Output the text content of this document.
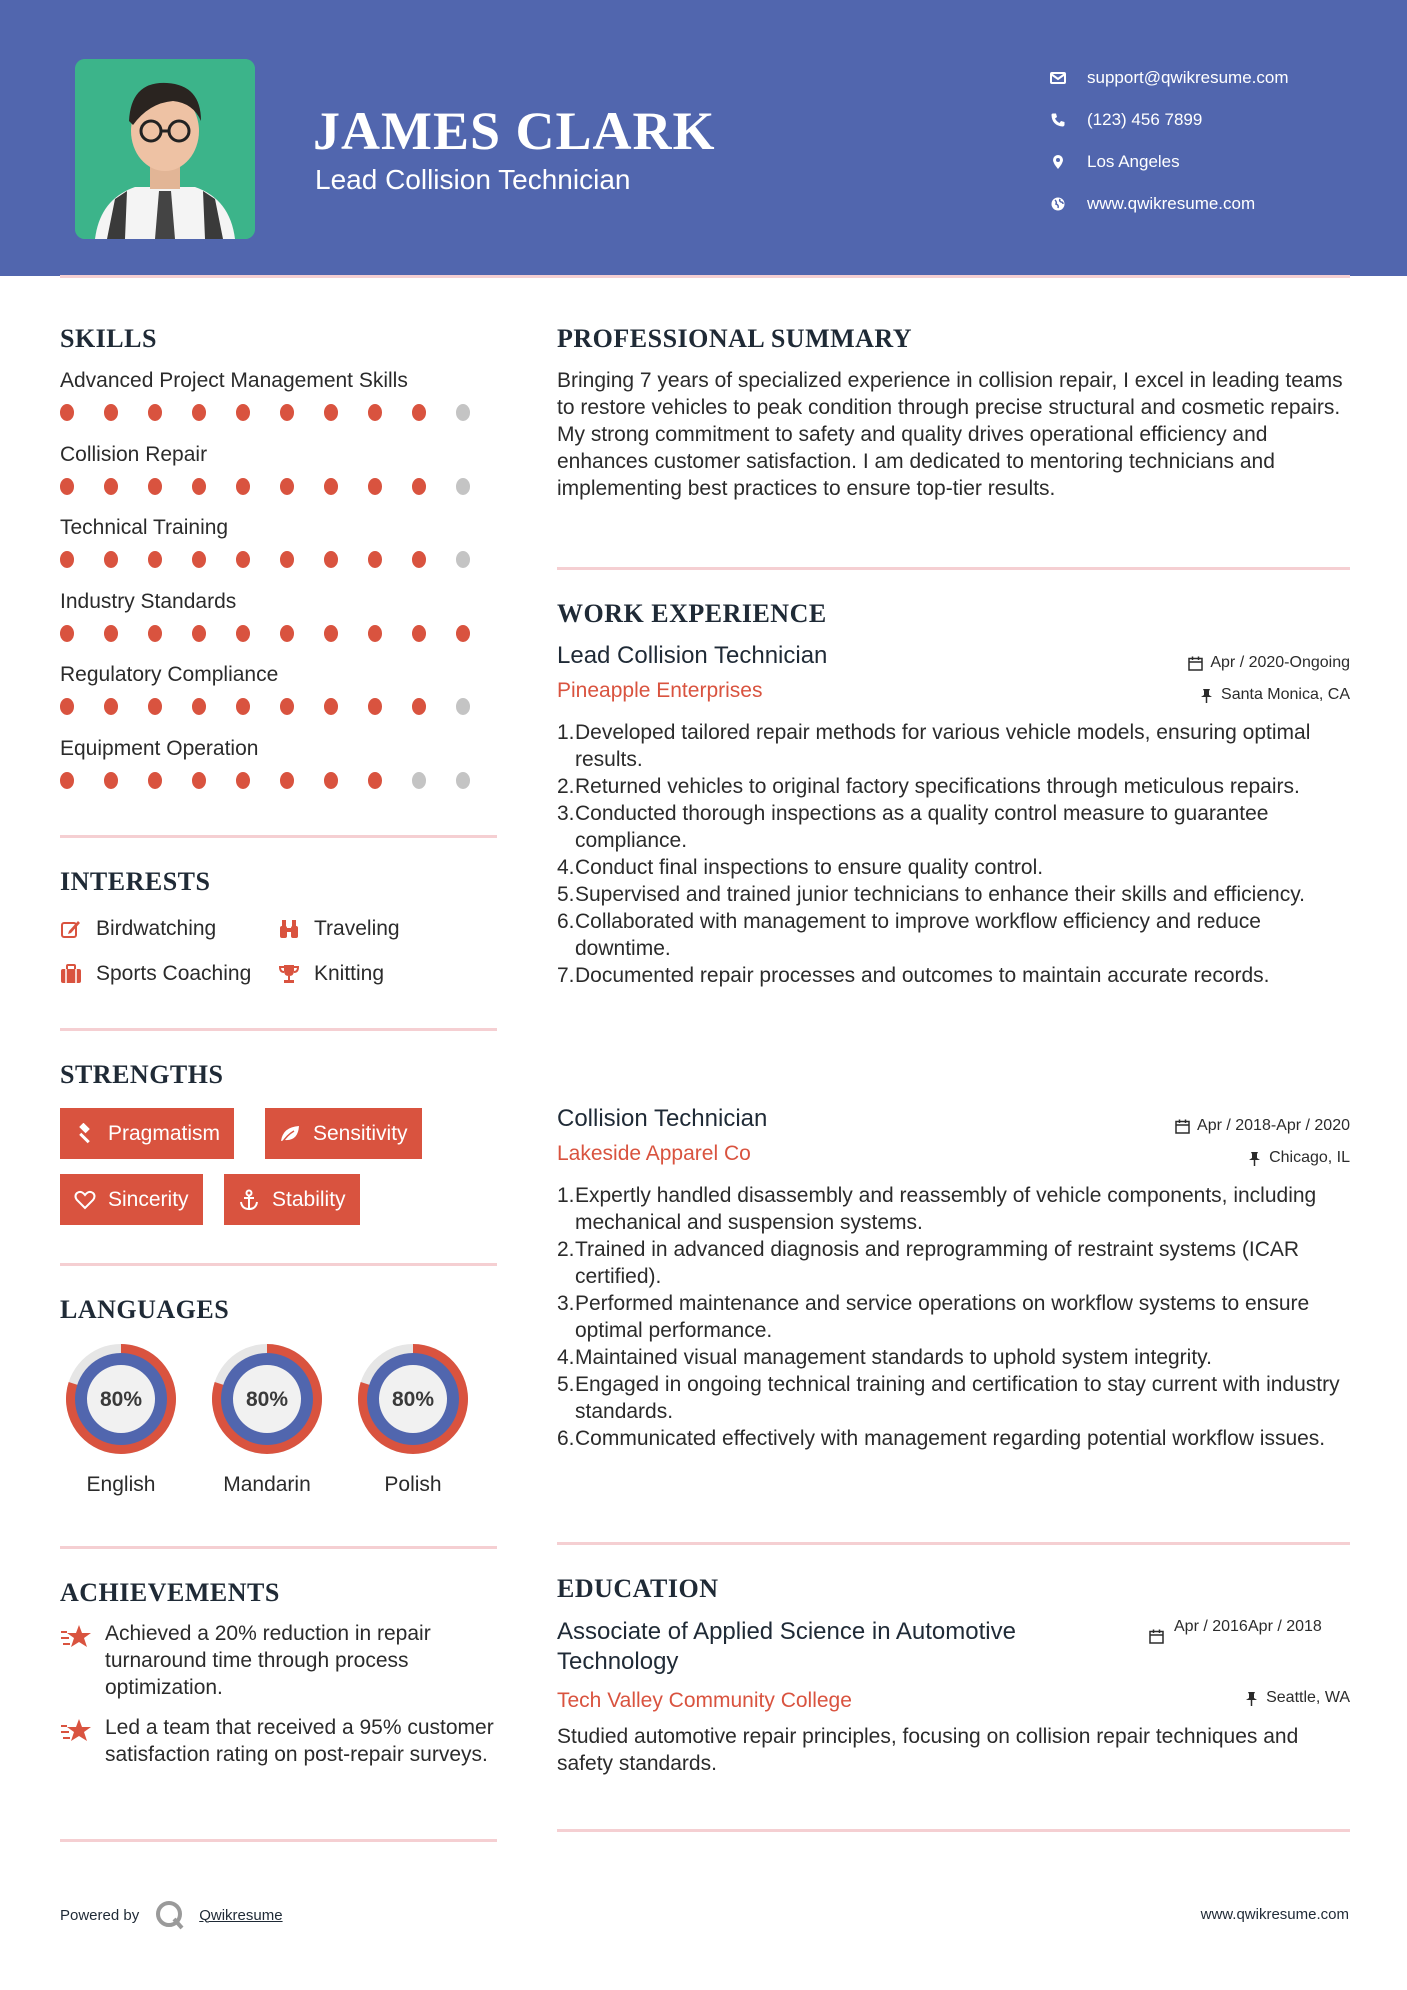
JAMES CLARK
Lead Collision Technician
support@qwikresume.com
(123) 456 7899
Los Angeles
www.qwikresume.com
SKILLS
Advanced Project Management Skills
Collision Repair
Technical Training
Industry Standards
Regulatory Compliance
Equipment Operation
INTERESTS
Birdwatching	Traveling
Sports Coaching	Knitting
STRENGTHS
Pragmatism	Sensitivity
Sincerity	Stability
LANGUAGES
80%
English
80%
Mandarin
80%
Polish
ACHIEVEMENTS
Achieved a 20% reduction in repair turnaround time through process optimization.
Led a team that received a 95% customer satisfaction rating on post-repair surveys.
PROFESSIONAL SUMMARY
Bringing 7 years of specialized experience in collision repair, I excel in leading teams to restore vehicles to peak condition through precise structural and cosmetic repairs. My strong commitment to safety and quality drives operational efficiency and enhances customer satisfaction. I am dedicated to mentoring technicians and implementing best practices to ensure top-tier results.
WORK EXPERIENCE
Lead Collision Technician	Apr / 2020-Ongoing
Pineapple Enterprises	Santa Monica, CA
1. Developed tailored repair methods for various vehicle models, ensuring optimal results.
2. Returned vehicles to original factory specifications through meticulous repairs.
3. Conducted thorough inspections as a quality control measure to guarantee compliance.
4. Conduct final inspections to ensure quality control.
5. Supervised and trained junior technicians to enhance their skills and efficiency.
6. Collaborated with management to improve workflow efficiency and reduce downtime.
7. Documented repair processes and outcomes to maintain accurate records.
Collision Technician	Apr / 2018-Apr / 2020
Lakeside Apparel Co	Chicago, IL
1. Expertly handled disassembly and reassembly of vehicle components, including mechanical and suspension systems.
2. Trained in advanced diagnosis and reprogramming of restraint systems (ICAR certified).
3. Performed maintenance and service operations on workflow systems to ensure optimal performance.
4. Maintained visual management standards to uphold system integrity.
5. Engaged in ongoing technical training and certification to stay current with industry standards.
6. Communicated effectively with management regarding potential workflow issues.
EDUCATION
Associate of Applied Science in Automotive Technology
Apr / 2016 Apr / 2018
Tech Valley Community College	Seattle, WA
Studied automotive repair principles, focusing on collision repair techniques and safety standards.
Powered by	Qwikresume	www.qwikresume.com
